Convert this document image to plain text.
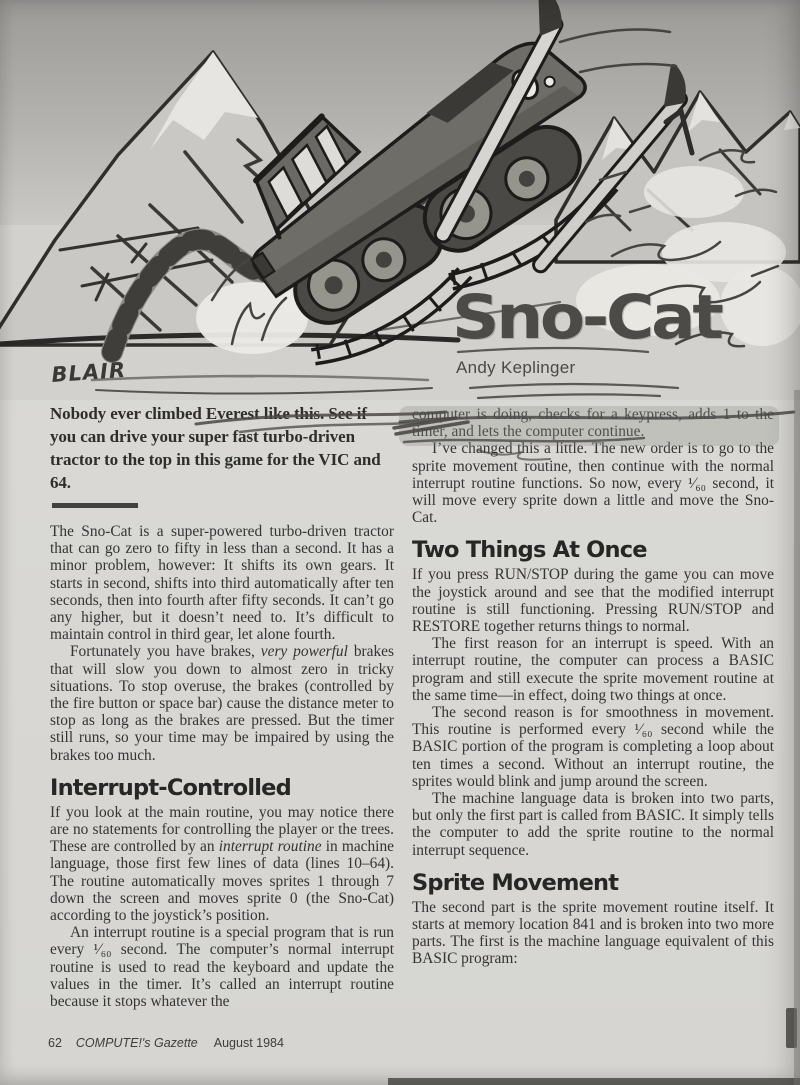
BLAIR
Sno-Cat
Andy Keplinger
Nobody ever climbed Everest like this. See if you can drive your super fast turbo-driven tractor to the top in this game for the VIC and 64.

The Sno-Cat is a super-powered turbo-driven tractor that can go zero to fifty in less than a second. It has a minor problem, however: It shifts its own gears. It starts in second, shifts into third automatically after ten seconds, then into fourth after fifty seconds. It can’t go any higher, but it doesn’t need to. It’s difficult to maintain control in third gear, let alone fourth.

Fortunately you have brakes, very powerful brakes that will slow you down to almost zero in tricky situations. To stop overuse, the brakes (controlled by the fire button or space bar) cause the distance meter to stop as long as the brakes are pressed. But the timer still runs, so your time may be impaired by using the brakes too much.

Interrupt-Controlled

If you look at the main routine, you may notice there are no statements for controlling the player or the trees. These are controlled by an interrupt routine in machine language, those first few lines of data (lines 10–64). The routine automatically moves sprites 1 through 7 down the screen and moves sprite 0 (the Sno-Cat) according to the joystick’s position.

An interrupt routine is a special program that is run every ¹⁄₆₀ second. The computer’s normal interrupt routine is used to read the keyboard and update the values in the timer. It’s called an interrupt routine because it stops whatever the

computer is doing, checks for a keypress, adds 1 to the timer, and lets the computer continue.

I’ve changed this a little. The new order is to go to the sprite movement routine, then continue with the normal interrupt routine functions. So now, every ¹⁄₆₀ second, it will move every sprite down a little and move the Sno-Cat.

Two Things At Once

If you press RUN/STOP during the game you can move the joystick around and see that the modified interrupt routine is still functioning. Pressing RUN/STOP and RESTORE together returns things to normal.

The first reason for an interrupt is speed. With an interrupt routine, the computer can process a BASIC program and still execute the sprite movement routine at the same time—in effect, doing two things at once.

The second reason is for smoothness in movement. This routine is performed every ¹⁄₆₀ second while the BASIC portion of the program is completing a loop about ten times a second. Without an interrupt routine, the sprites would blink and jump around the screen.

The machine language data is broken into two parts, but only the first part is called from BASIC. It simply tells the computer to add the sprite routine to the normal interrupt sequence.

Sprite Movement

The second part is the sprite movement routine itself. It starts at memory location 841 and is broken into two more parts. The first is the machine language equivalent of this BASIC program:

62 COMPUTE!'s Gazette August 1984
